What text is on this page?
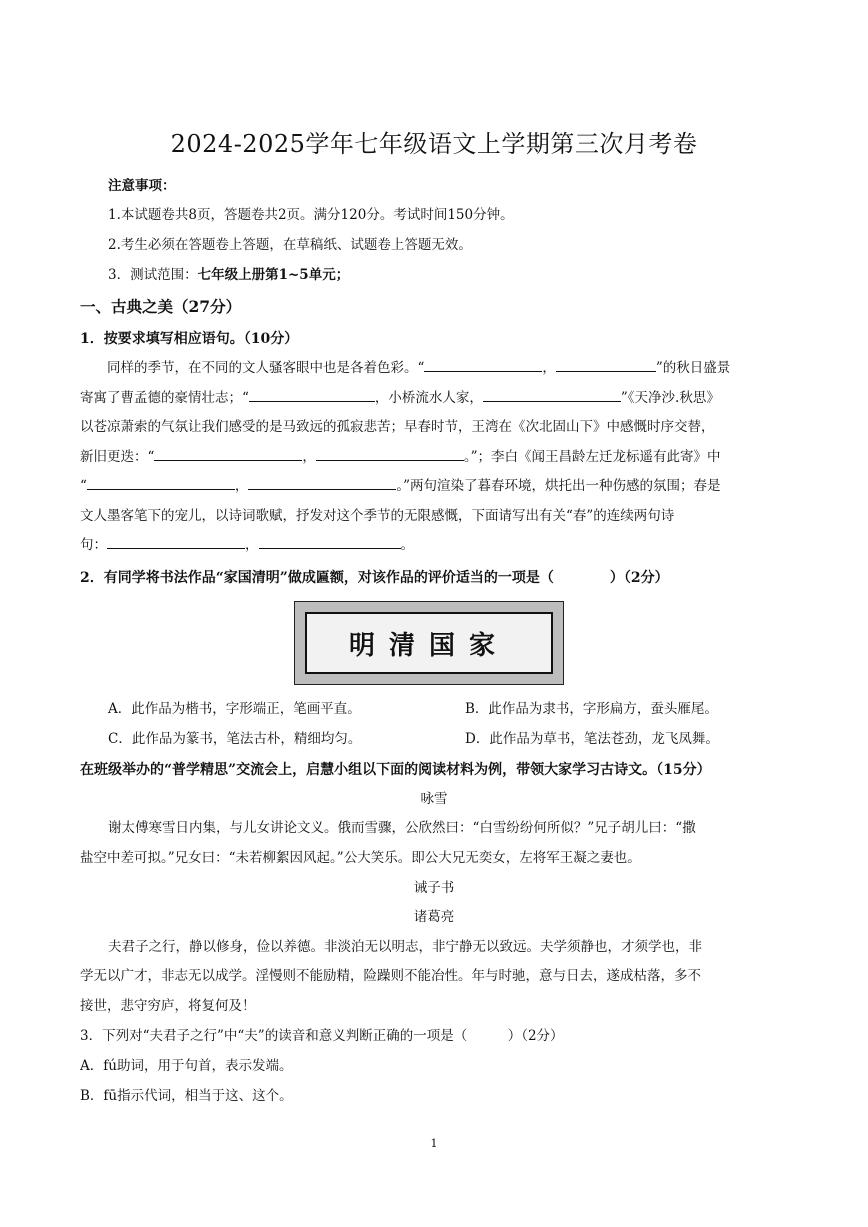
2024-2025学年七年级语文上学期第三次月考卷
注意事项：
1.本试题卷共8页，答题卷共2页。满分120分。考试时间150分钟。
2.考生必须在答题卷上答题，在草稿纸、试题卷上答题无效。
3．测试范围：七年级上册第1~5单元；
一、古典之美（27分）
1．按要求填写相应语句。（10分）
同样的季节，在不同的文人骚客眼中也是各着色彩。“	，	”的秋日盛景
寄寓了曹孟德的豪情壮志；“	，小桥流水人家，	”《天净沙.秋思》
以苍凉萧索的气氛让我们感受的是马致远的孤寂悲苦；早春时节，王湾在《次北固山下》中感慨时序交替，
新旧更迭：“	，	。”；李白《闻王昌龄左迁龙标遥有此寄》中
“	，	。”两句渲染了暮春环境，烘托出一种伤感的氛围；春是
文人墨客笔下的宠儿，以诗词歌赋，抒发对这个季节的无限感慨，下面请写出有关“春”的连续两句诗
句：	，	。
2．有同学将书法作品“家国清明”做成匾额，对该作品的评价适当的一项是（　　　　）（2分）
明清国家
A．此作品为楷书，字形端正，笔画平直。	B．此作品为隶书，字形扁方，蚕头雁尾。
C．此作品为篆书，笔法古朴，精细均匀。	D．此作品为草书，笔法苍劲，龙飞凤舞。
在班级举办的“普学精思”交流会上，启慧小组以下面的阅读材料为例，带领大家学习古诗文。（15分）
咏雪
谢太傅寒雪日内集，与儿女讲论文义。俄而雪骤，公欣然曰：“白雪纷纷何所似？”兄子胡儿曰：“撒
盐空中差可拟。”兄女曰：“未若柳絮因风起。”公大笑乐。即公大兄无奕女，左将军王凝之妻也。
诫子书
诸葛亮
夫君子之行，静以修身，俭以养德。非淡泊无以明志，非宁静无以致远。夫学须静也，才须学也，非
学无以广才，非志无以成学。淫慢则不能励精，险躁则不能冶性。年与时驰，意与日去，遂成枯落，多不
接世，悲守穷庐，将复何及！
3．下列对“夫君子之行”中“夫”的读音和意义判断正确的一项是（　　　）（2分）
A．fú助词，用于句首，表示发端。
B．fū指示代词，相当于这、这个。
1
